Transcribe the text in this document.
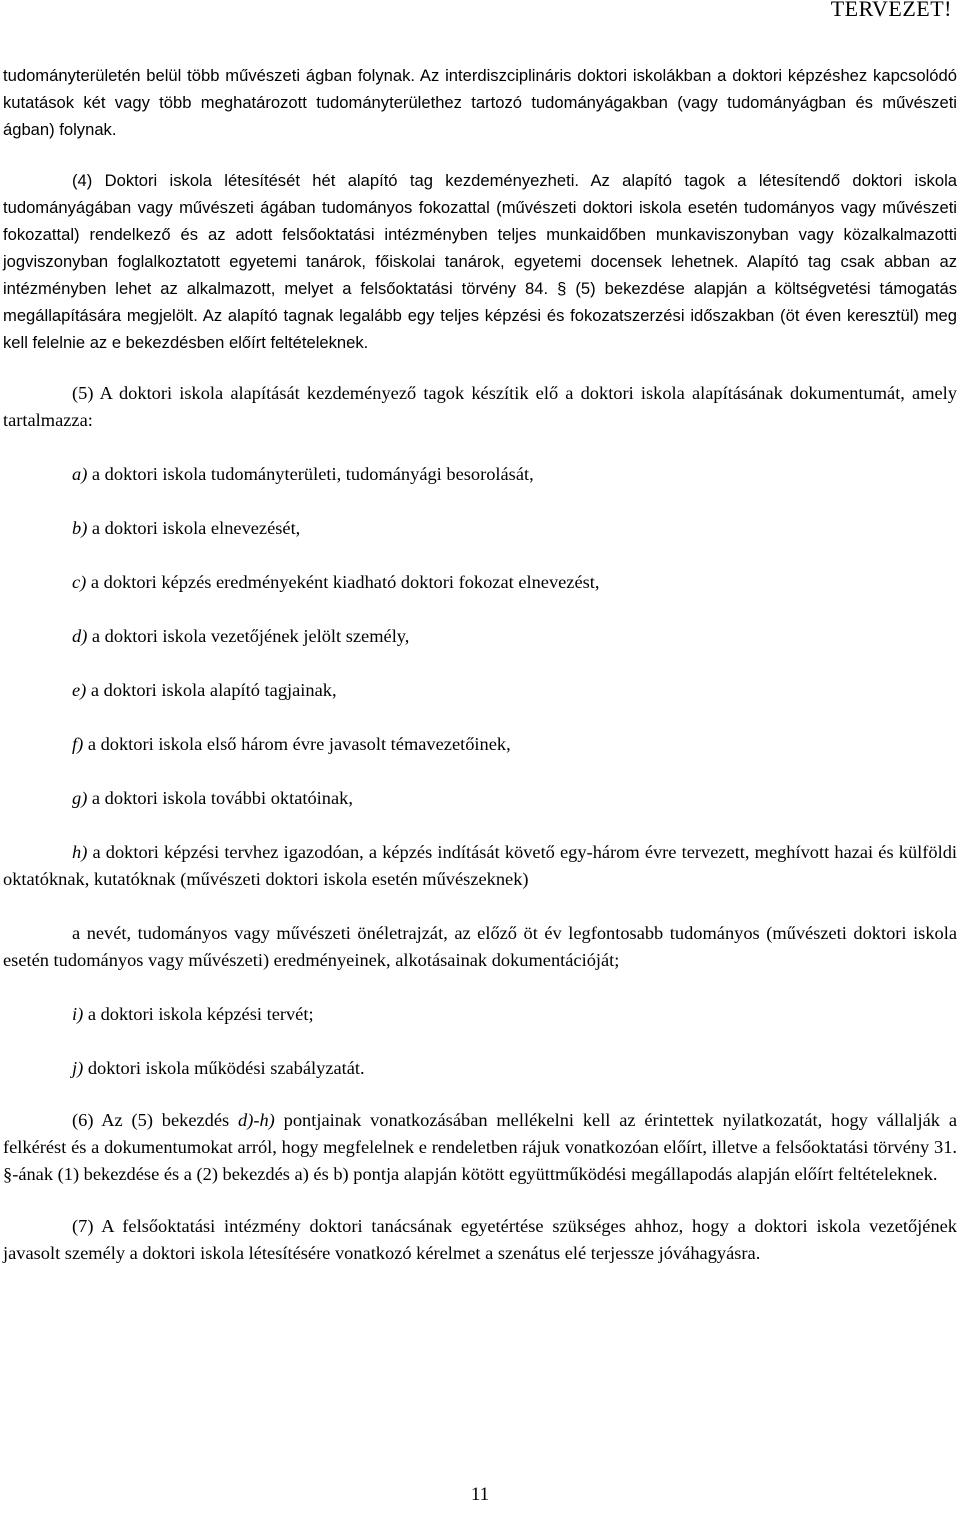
TERVEZET!

tudományterületén belül több művészeti ágban folynak. Az interdiszciplináris doktori iskolákban a doktori képzéshez kapcsolódó kutatások két vagy több meghatározott tudományterülethez tartozó tudományágakban (vagy tudományágban és művészeti ágban) folynak.

(4) Doktori iskola létesítését hét alapító tag kezdeményezheti. Az alapító tagok a létesítendő doktori iskola tudományágában vagy művészeti ágában tudományos fokozattal (művészeti doktori iskola esetén tudományos vagy művészeti fokozattal) rendelkező és az adott felsőoktatási intézményben teljes munkaidőben munkaviszonyban vagy közalkalmazotti jogviszonyban foglalkoztatott egyetemi tanárok, főiskolai tanárok, egyetemi docensek lehetnek. Alapító tag csak abban az intézményben lehet az alkalmazott, melyet a felsőoktatási törvény 84. § (5) bekezdése alapján a költségvetési támogatás megállapítására megjelölt. Az alapító tagnak legalább egy teljes képzési és fokozatszerzési időszakban (öt éven keresztül) meg kell felelnie az e bekezdésben előírt feltételeknek.

(5) A doktori iskola alapítását kezdeményező tagok készítik elő a doktori iskola alapításának dokumentumát, amely tartalmazza:

a) a doktori iskola tudományterületi, tudományági besorolását,

b) a doktori iskola elnevezését,

c) a doktori képzés eredményeként kiadható doktori fokozat elnevezést,

d) a doktori iskola vezetőjének jelölt személy,

e) a doktori iskola alapító tagjainak,

f) a doktori iskola első három évre javasolt témavezetőinek,

g) a doktori iskola további oktatóinak,

h) a doktori képzési tervhez igazodóan, a képzés indítását követő egy-három évre tervezett, meghívott hazai és külföldi oktatóknak, kutatóknak (művészeti doktori iskola esetén művészeknek)

a nevét, tudományos vagy művészeti önéletrajzát, az előző öt év legfontosabb tudományos (művészeti doktori iskola esetén tudományos vagy művészeti) eredményeinek, alkotásainak dokumentációját;

i) a doktori iskola képzési tervét;

j) doktori iskola működési szabályzatát.

(6) Az (5) bekezdés d)-h) pontjainak vonatkozásában mellékelni kell az érintettek nyilatkozatát, hogy vállalják a felkérést és a dokumentumokat arról, hogy megfelelnek e rendeletben rájuk vonatkozóan előírt, illetve a felsőoktatási törvény 31. §-ának (1) bekezdése és a (2) bekezdés a) és b) pontja alapján kötött együttműködési megállapodás alapján előírt feltételeknek.

(7) A felsőoktatási intézmény doktori tanácsának egyetértése szükséges ahhoz, hogy a doktori iskola vezetőjének javasolt személy a doktori iskola létesítésére vonatkozó kérelmet a szenátus elé terjessze jóváhagyásra.

11
